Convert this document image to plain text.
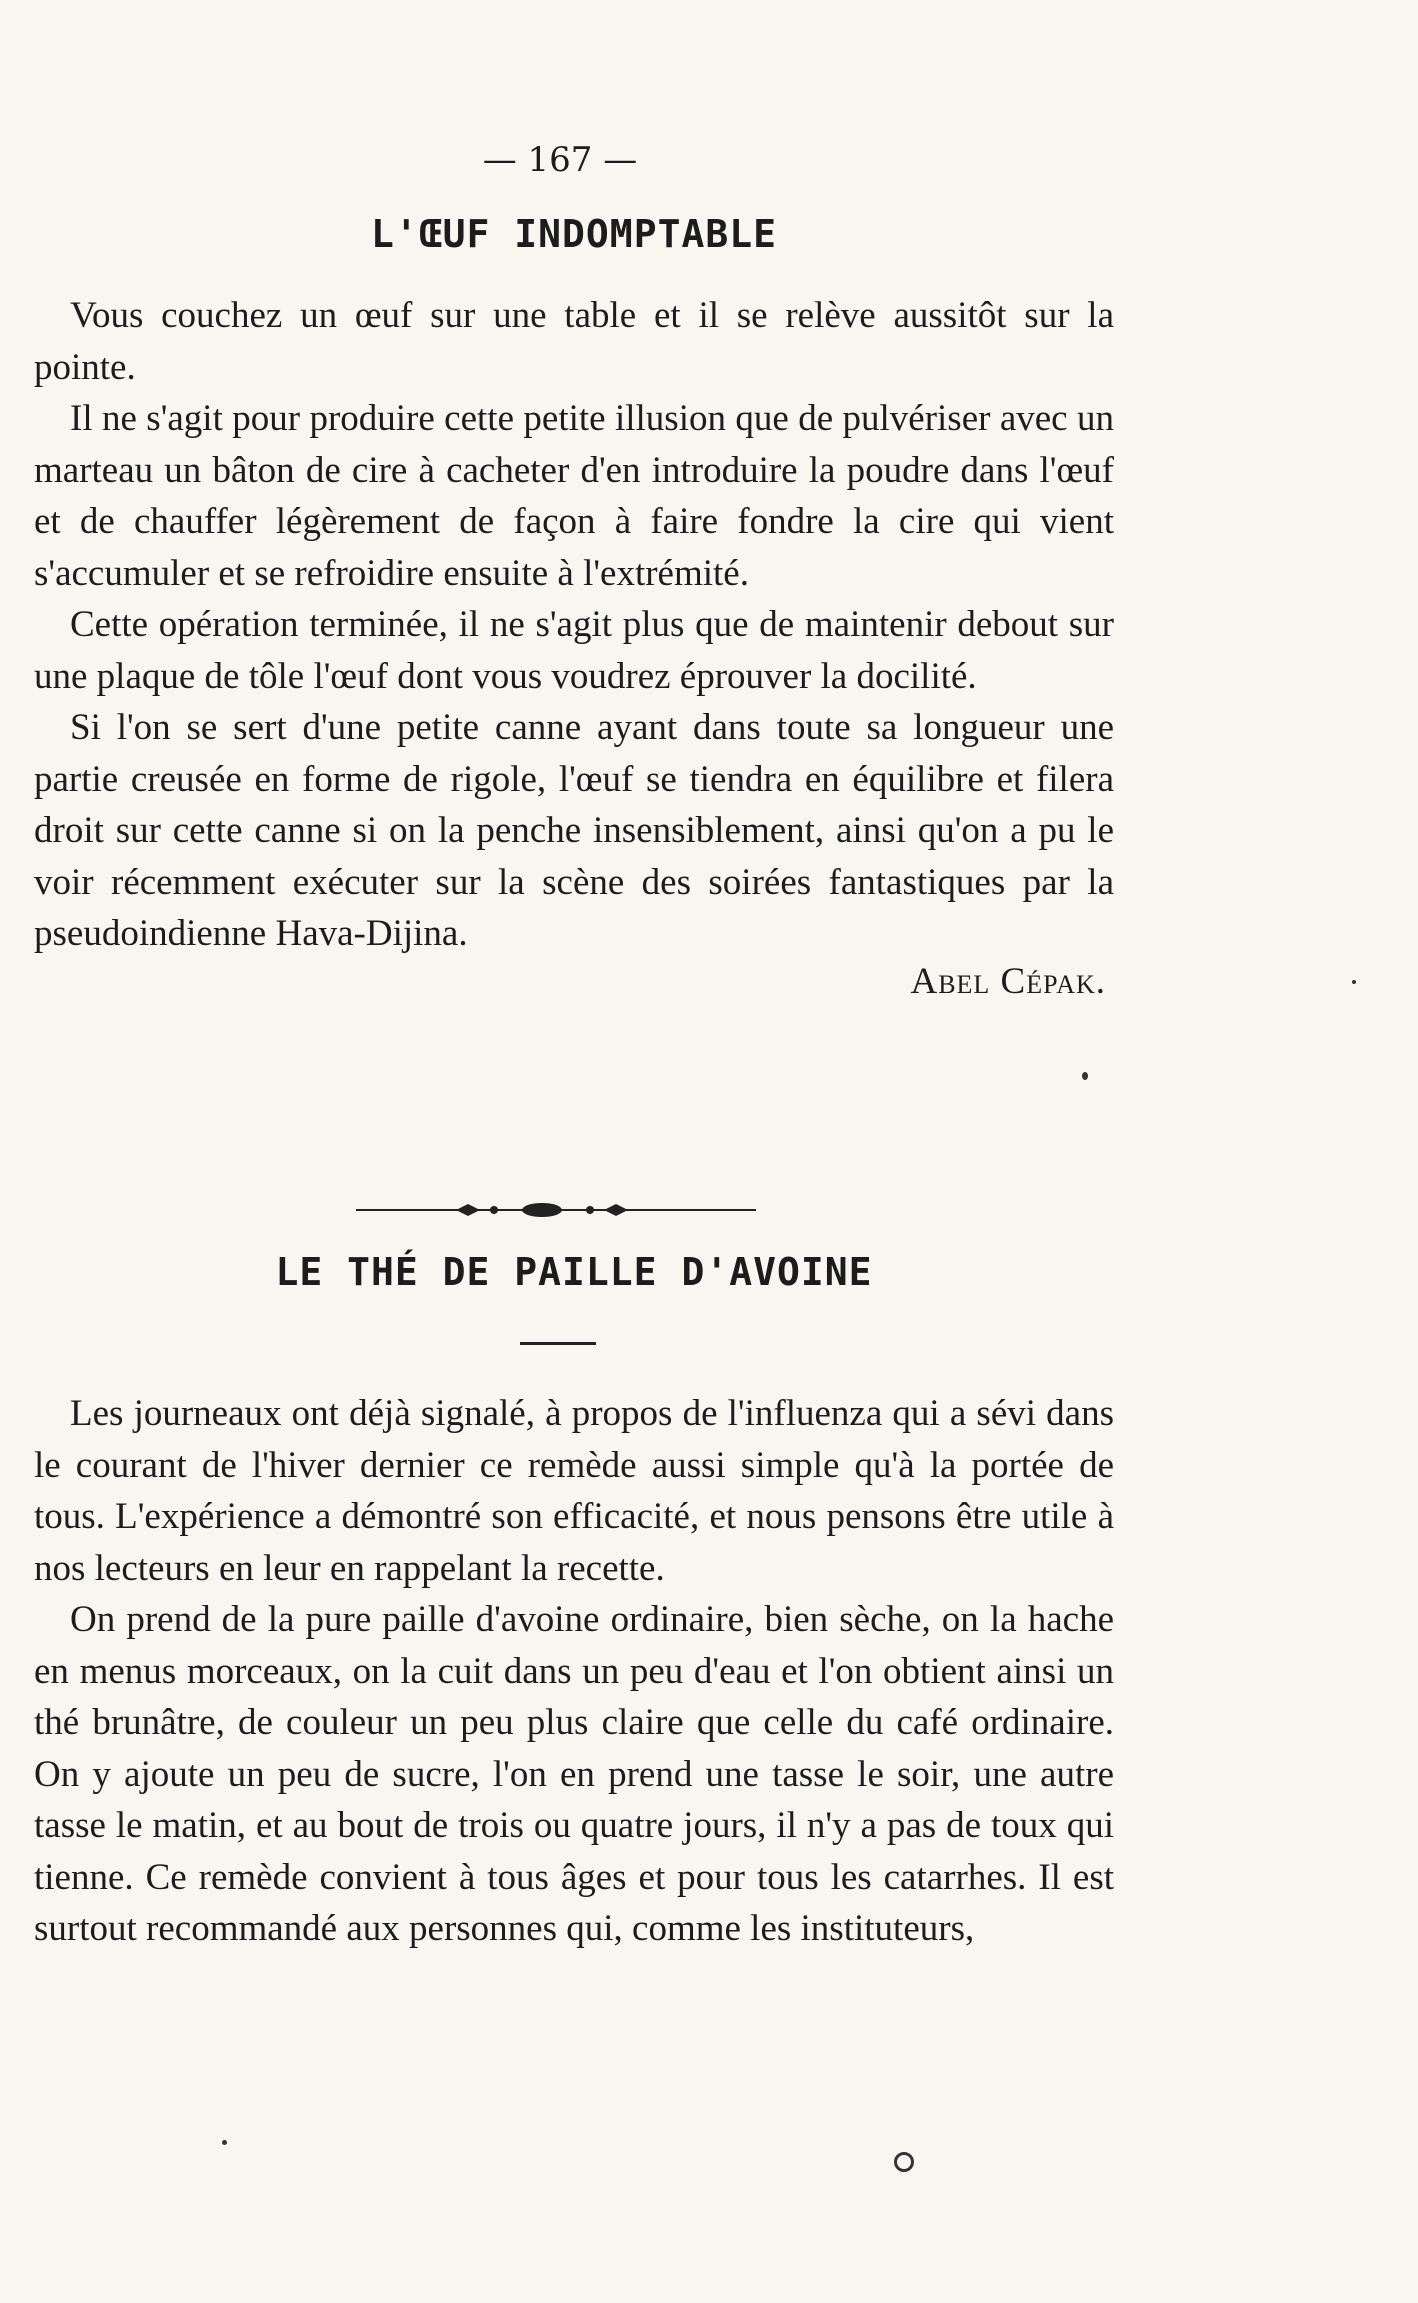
— 167 —
L'ŒUF INDOMPTABLE

Vous couchez un œuf sur une table et il se relève aussitôt sur la pointe.

Il ne s'agit pour produire cette petite illusion que de pulvériser avec un marteau un bâton de cire à cacheter d'en introduire la poudre dans l'œuf et de chauffer légèrement de façon à faire fondre la cire qui vient s'accumuler et se refroidire ensuite à l'extrémité.

Cette opération terminée, il ne s'agit plus que de maintenir debout sur une plaque de tôle l'œuf dont vous voudrez éprouver la docilité.

Si l'on se sert d'une petite canne ayant dans toute sa longueur une partie creusée en forme de rigole, l'œuf se tiendra en équilibre et filera droit sur cette canne si on la penche insensiblement, ainsi qu'on a pu le voir récemment exécuter sur la scène des soirées fantastiques par la pseudoindienne Hava-Dijina.

Abel Cépak.

LE THÉ DE PAILLE D'AVOINE

Les journeaux ont déjà signalé, à propos de l'influenza qui a sévi dans le courant de l'hiver dernier ce remède aussi simple qu'à la portée de tous. L'expérience a démontré son efficacité, et nous pensons être utile à nos lecteurs en leur en rappelant la recette.

On prend de la pure paille d'avoine ordinaire, bien sèche, on la hache en menus morceaux, on la cuit dans un peu d'eau et l'on obtient ainsi un thé brunâtre, de couleur un peu plus claire que celle du café ordinaire. On y ajoute un peu de sucre, l'on en prend une tasse le soir, une autre tasse le matin, et au bout de trois ou quatre jours, il n'y a pas de toux qui tienne. Ce remède convient à tous âges et pour tous les catarrhes. Il est surtout recommandé aux personnes qui, comme les instituteurs,
